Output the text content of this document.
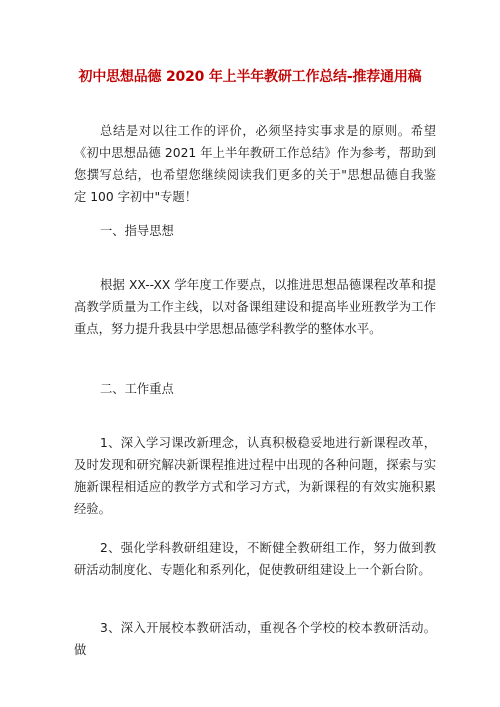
初中思想品德 2020 年上半年教研工作总结-推荐通用稿
总结是对以往工作的评价，必须坚持实事求是的原则。希望《初中思想品德 2021 年上半年教研工作总结》作为参考，帮助到您撰写总结，也希望您继续阅读我们更多的关于"思想品德自我鉴定 100 字初中"专题！
一、指导思想
根据 XX--XX 学年度工作要点，以推进思想品德课程改革和提高教学质量为工作主线，以对备课组建设和提高毕业班教学为工作重点，努力提升我县中学思想品德学科教学的整体水平。
二、工作重点
1、深入学习课改新理念，认真积极稳妥地进行新课程改革，及时发现和研究解决新课程推进过程中出现的各种问题，探索与实施新课程相适应的教学方式和学习方式，为新课程的有效实施积累经验。
2、强化学科教研组建设，不断健全教研组工作，努力做到教研活动制度化、专题化和系列化，促使教研组建设上一个新台阶。
3、深入开展校本教研活动，重视各个学校的校本教研活动。做
